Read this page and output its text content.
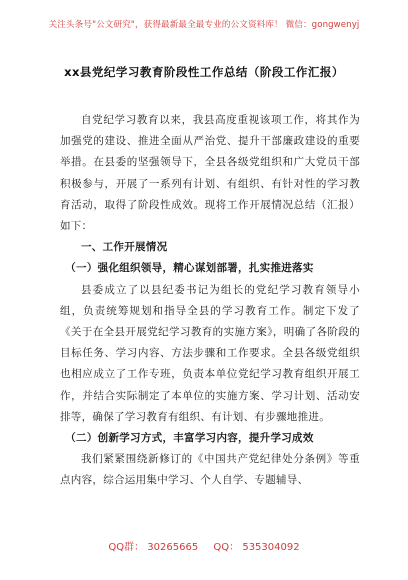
关注头条号"公文研究"，获得最新最全最专业的公文资料库！ 微信：gongwenyj
xx县党纪学习教育阶段性工作总结（阶段工作汇报）

自党纪学习教育以来，我县高度重视该项工作，将其作为加强党的建设、推进全面从严治党、提升干部廉政建设的重要举措。在县委的坚强领导下，全县各级党组织和广大党员干部积极参与，开展了一系列有计划、有组织、有针对性的学习教育活动，取得了阶段性成效。现将工作开展情况总结（汇报）如下：

一、工作开展情况

（一）强化组织领导，精心谋划部署，扎实推进落实

县委成立了以县纪委书记为组长的党纪学习教育领导小组，负责统筹规划和指导全县的学习教育工作。制定下发了《关于在全县开展党纪学习教育的实施方案》，明确了各阶段的目标任务、学习内容、方法步骤和工作要求。全县各级党组织也相应成立了工作专班，负责本单位党纪学习教育组织开展工作，并结合实际制定了本单位的实施方案、学习计划、活动安排等，确保了学习教育有组织、有计划、有步骤地推进。

（二）创新学习方式，丰富学习内容，提升学习成效

我们紧紧围绕新修订的《中国共产党纪律处分条例》等重点内容，综合运用集中学习、个人自学、专题辅导、

QQ群： 30265665 QQ： 535304092
